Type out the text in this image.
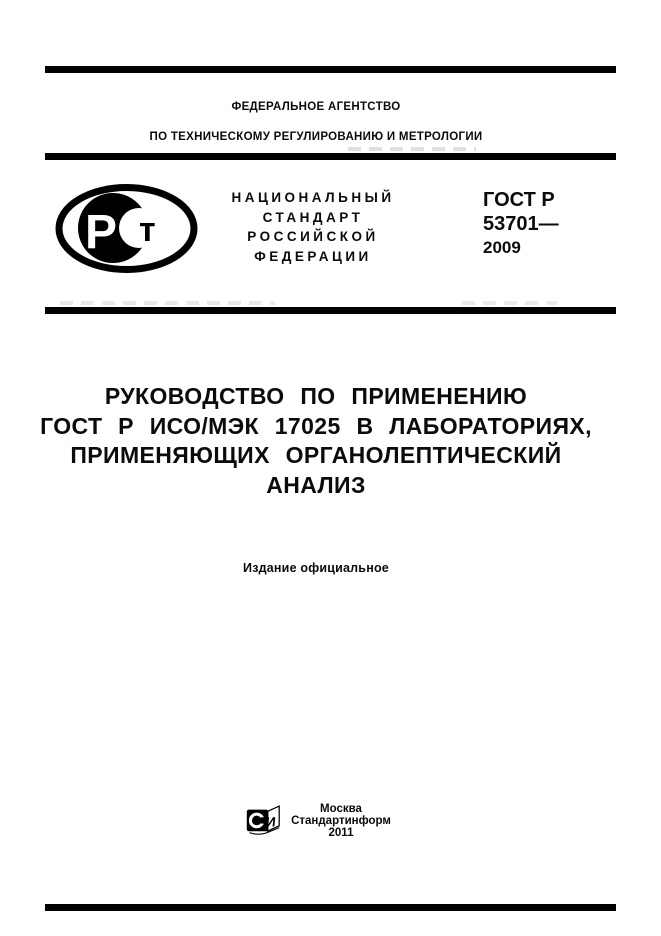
ФЕДЕРАЛЬНОЕ АГЕНТСТВО
ПО ТЕХНИЧЕСКОМУ РЕГУЛИРОВАНИЮ И МЕТРОЛОГИИ
Р т
НАЦИОНАЛЬНЫЙ
СТАНДАРТ
РОССИЙСКОЙ
ФЕДЕРАЦИИ
ГОСТ Р
53701—
2009
РУКОВОДСТВО ПО ПРИМЕНЕНИЮ
ГОСТ Р ИСО/МЭК 17025 В ЛАБОРАТОРИЯХ,
ПРИМЕНЯЮЩИХ ОРГАНОЛЕПТИЧЕСКИЙ
АНАЛИЗ
Издание официальное
И
Москва
Стандартинформ
2011
